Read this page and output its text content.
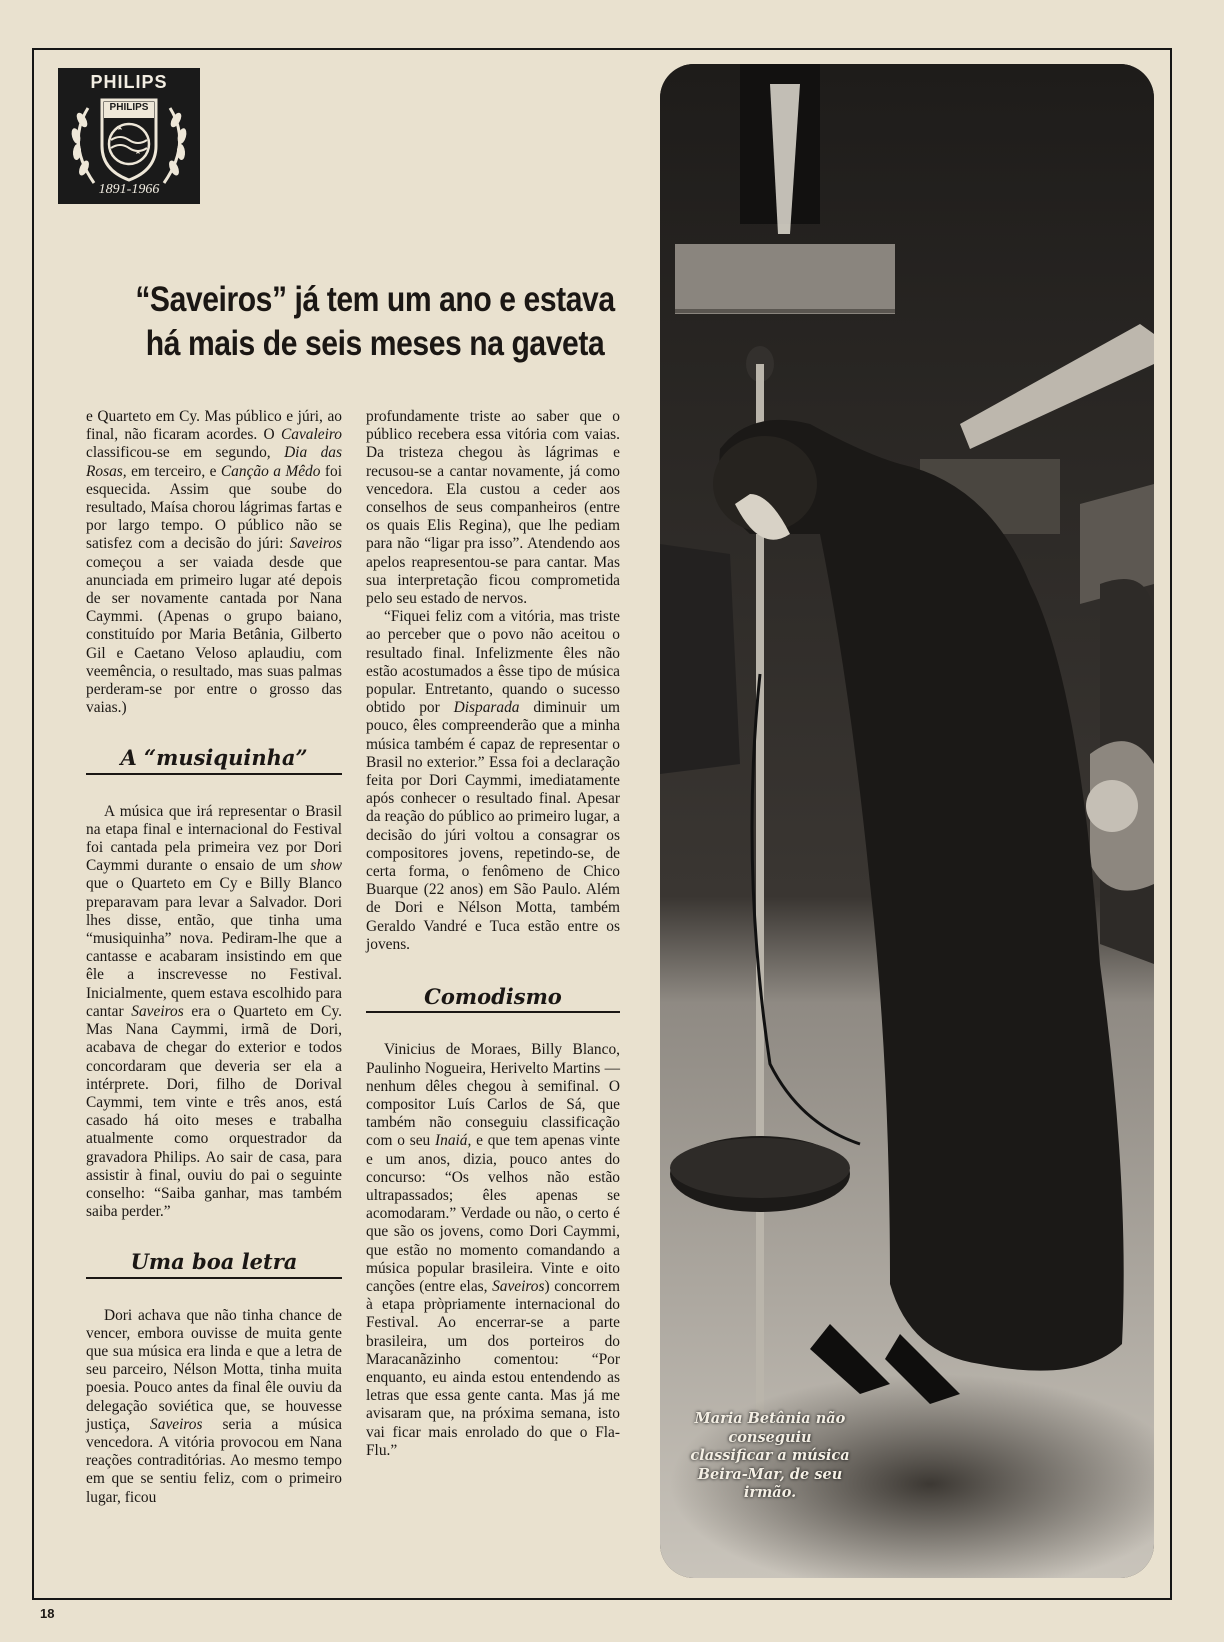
PHILIPS
PHILIPS
1891-1966
“Saveiros” já tem um ano e estava
há mais de seis meses na gaveta

e Quarteto em Cy. Mas público e júri, ao final, não ficaram acordes. O Cavaleiro classificou-se em segundo, Dia das Rosas, em terceiro, e Canção a Mêdo foi esquecida. Assim que soube do resultado, Maísa chorou lágrimas fartas e por largo tempo. O público não se satisfez com a decisão do júri: Saveiros começou a ser vaiada desde que anunciada em primeiro lugar até depois de ser novamente cantada por Nana Caymmi. (Apenas o grupo baiano, constituído por Maria Betânia, Gilberto Gil e Caetano Veloso aplaudiu, com veemência, o resultado, mas suas palmas perderam-se por entre o grosso das vaias.)

A “musiquinha”

A música que irá representar o Brasil na etapa final e internacional do Festival foi cantada pela primeira vez por Dori Caymmi durante o ensaio de um show que o Quarteto em Cy e Billy Blanco preparavam para levar a Salvador. Dori lhes disse, então, que tinha uma “musiquinha” nova. Pediram-lhe que a cantasse e acabaram insistindo em que êle a inscrevesse no Festival. Inicialmente, quem estava escolhido para cantar Saveiros era o Quarteto em Cy. Mas Nana Caymmi, irmã de Dori, acabava de chegar do exterior e todos concordaram que deveria ser ela a intérprete. Dori, filho de Dorival Caymmi, tem vinte e três anos, está casado há oito meses e trabalha atualmente como orquestrador da gravadora Philips. Ao sair de casa, para assistir à final, ouviu do pai o seguinte conselho: “Saiba ganhar, mas também saiba perder.”

Uma boa letra

Dori achava que não tinha chance de vencer, embora ouvisse de muita gente que sua música era linda e que a letra de seu parceiro, Nélson Motta, tinha muita poesia. Pouco antes da final êle ouviu da delegação soviética que, se houvesse justiça, Saveiros seria a música vencedora. A vitória provocou em Nana reações contraditórias. Ao mesmo tempo em que se sentiu feliz, com o primeiro lugar, ficou

profundamente triste ao saber que o público recebera essa vitória com vaias. Da tristeza chegou às lágrimas e recusou-se a cantar novamente, já como vencedora. Ela custou a ceder aos conselhos de seus companheiros (entre os quais Elis Regina), que lhe pediam para não “ligar pra isso”. Atendendo aos apelos reapresentou-se para cantar. Mas sua interpretação ficou comprometida pelo seu estado de nervos.

“Fiquei feliz com a vitória, mas triste ao perceber que o povo não aceitou o resultado final. Infelizmente êles não estão acostumados a êsse tipo de música popular. Entretanto, quando o sucesso obtido por Disparada diminuir um pouco, êles compreenderão que a minha música também é capaz de representar o Brasil no exterior.” Essa foi a declaração feita por Dori Caymmi, imediatamente após conhecer o resultado final. Apesar da reação do público ao primeiro lugar, a decisão do júri voltou a consagrar os compositores jovens, repetindo-se, de certa forma, o fenômeno de Chico Buarque (22 anos) em São Paulo. Além de Dori e Nélson Motta, também Geraldo Vandré e Tuca estão entre os jovens.

Comodismo

Vinicius de Moraes, Billy Blanco, Paulinho Nogueira, Herivelto Martins — nenhum dêles chegou à semifinal. O compositor Luís Carlos de Sá, que também não conseguiu classificação com o seu Inaiá, e que tem apenas vinte e um anos, dizia, pouco antes do concurso: “Os velhos não estão ultrapassados; êles apenas se acomodaram.” Verdade ou não, o certo é que são os jovens, como Dori Caymmi, que estão no momento comandando a música popular brasileira. Vinte e oito canções (entre elas, Saveiros) concorrem à etapa pròpriamente internacional do Festival. Ao encerrar-se a parte brasileira, um dos porteiros do Maracanãzinho comentou: “Por enquanto, eu ainda estou entendendo as letras que essa gente canta. Mas já me avisaram que, na próxima semana, isto vai ficar mais enrolado do que o Fla-Flu.”

Maria Betânia não conseguiu classificar a música Beira-Mar, de seu irmão.
18
